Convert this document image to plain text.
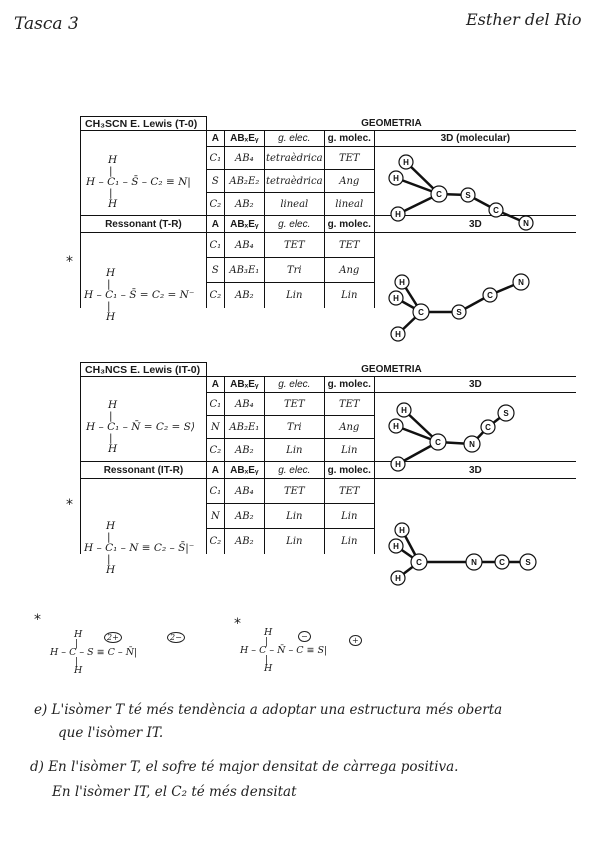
Tasca 3	Esther del Rio
CH₃SCN E. Lewis (T-0)	GEOMETRIA				
	A	ABₓEᵧ	g. elec.	g. molec.	3D (molecular)
	C₁	AB₄	tetraèdrica	TET	
	S	AB₂E₂	tetraèdrica	Ang	
	C₂	AB₂	lineal	lineal	
Ressonant (T-R)	A	ABₓEᵧ	g. elec.	g. molec.	3D
	C₁	AB₄	TET	TET	
	S	AB₃E₁	Tri	Ang	
	C₂	AB₂	Lin	Lin	
H
|
H – C₁ – S̄ – C₂ ≡ N|
|
H
*
H
|
H – C₁ – S̄ = C₂ = N⁻
|
H
H
H
H
C	S
C
N
H
H
H
C	S
C
N
CH₃NCS E. Lewis (IT-0)	GEOMETRIA				
	A	ABₓEᵧ	g. elec.	g. molec.	3D
	C₁	AB₄	TET	TET	
	N	AB₂E₁	Tri	Ang	
	C₂	AB₂	Lin	Lin	
Ressonant (IT-R)	A	ABₓEᵧ	g. elec.	g. molec.	3D
	C₁	AB₄	TET	TET	
	N	AB₂	Lin	Lin	
	C₂	AB₂	Lin	Lin	
H
|
H – C₁ – N̄ = C₂ = S⟩
|
H
*
H
|
H – C₁ – N ≡ C₂ – S̄|⁻
|
H
H
H
H
C	N
C
S
H
H
H
C	N	C	S
*
H
|
H – C – S ≡ C – N̄|
|
H
2+	2−
*
H
|
H – C – N̄ – C ≡ S|
|
H
−	+
e) L'isòmer T té més tendència a adoptar una estructura més oberta
que l'isòmer IT.
d) En l'isòmer T, el sofre té major densitat de càrrega positiva.
En l'isòmer IT, el C₂ té més densitat
